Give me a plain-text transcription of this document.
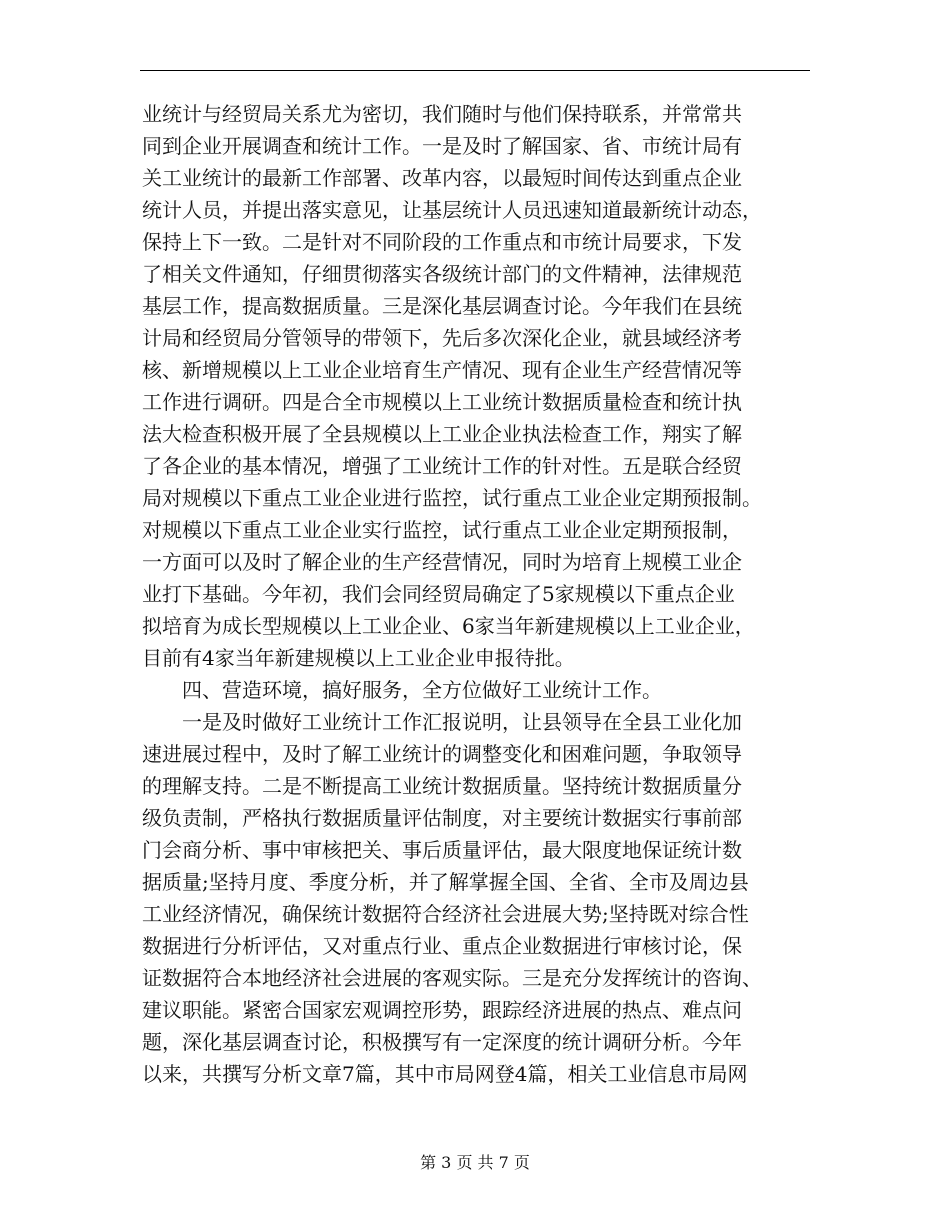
业统计与经贸局关系尤为密切，我们随时与他们保持联系，并常常共
同到企业开展调查和统计工作。一是及时了解国家、省、市统计局有
关工业统计的最新工作部署、改革内容，以最短时间传达到重点企业
统计人员，并提出落实意见，让基层统计人员迅速知道最新统计动态，
保持上下一致。二是针对不同阶段的工作重点和市统计局要求，下发
了相关文件通知，仔细贯彻落实各级统计部门的文件精神，法律规范
基层工作，提高数据质量。三是深化基层调查讨论。今年我们在县统
计局和经贸局分管领导的带领下，先后多次深化企业，就县域经济考
核、新增规模以上工业企业培育生产情况、现有企业生产经营情况等
工作进行调研。四是合全市规模以上工业统计数据质量检查和统计执
法大检查积极开展了全县规模以上工业企业执法检查工作，翔实了解
了各企业的基本情况，增强了工业统计工作的针对性。五是联合经贸
局对规模以下重点工业企业进行监控，试行重点工业企业定期预报制。
对规模以下重点工业企业实行监控，试行重点工业企业定期预报制，
一方面可以及时了解企业的生产经营情况，同时为培育上规模工业企
业打下基础。今年初，我们会同经贸局确定了5家规模以下重点企业
拟培育为成长型规模以上工业企业、6家当年新建规模以上工业企业，
目前有4家当年新建规模以上工业企业申报待批。
四、营造环境，搞好服务，全方位做好工业统计工作。
一是及时做好工业统计工作汇报说明，让县领导在全县工业化加
速进展过程中，及时了解工业统计的调整变化和困难问题，争取领导
的理解支持。二是不断提高工业统计数据质量。坚持统计数据质量分
级负责制，严格执行数据质量评估制度，对主要统计数据实行事前部
门会商分析、事中审核把关、事后质量评估，最大限度地保证统计数
据质量;坚持月度、季度分析，并了解掌握全国、全省、全市及周边县
工业经济情况，确保统计数据符合经济社会进展大势;坚持既对综合性
数据进行分析评估，又对重点行业、重点企业数据进行审核讨论，保
证数据符合本地经济社会进展的客观实际。三是充分发挥统计的咨询、
建议职能。紧密合国家宏观调控形势，跟踪经济进展的热点、难点问
题，深化基层调查讨论，积极撰写有一定深度的统计调研分析。今年
以来，共撰写分析文章7篇，其中市局网登4篇，相关工业信息市局网
第 3 页 共 7 页
